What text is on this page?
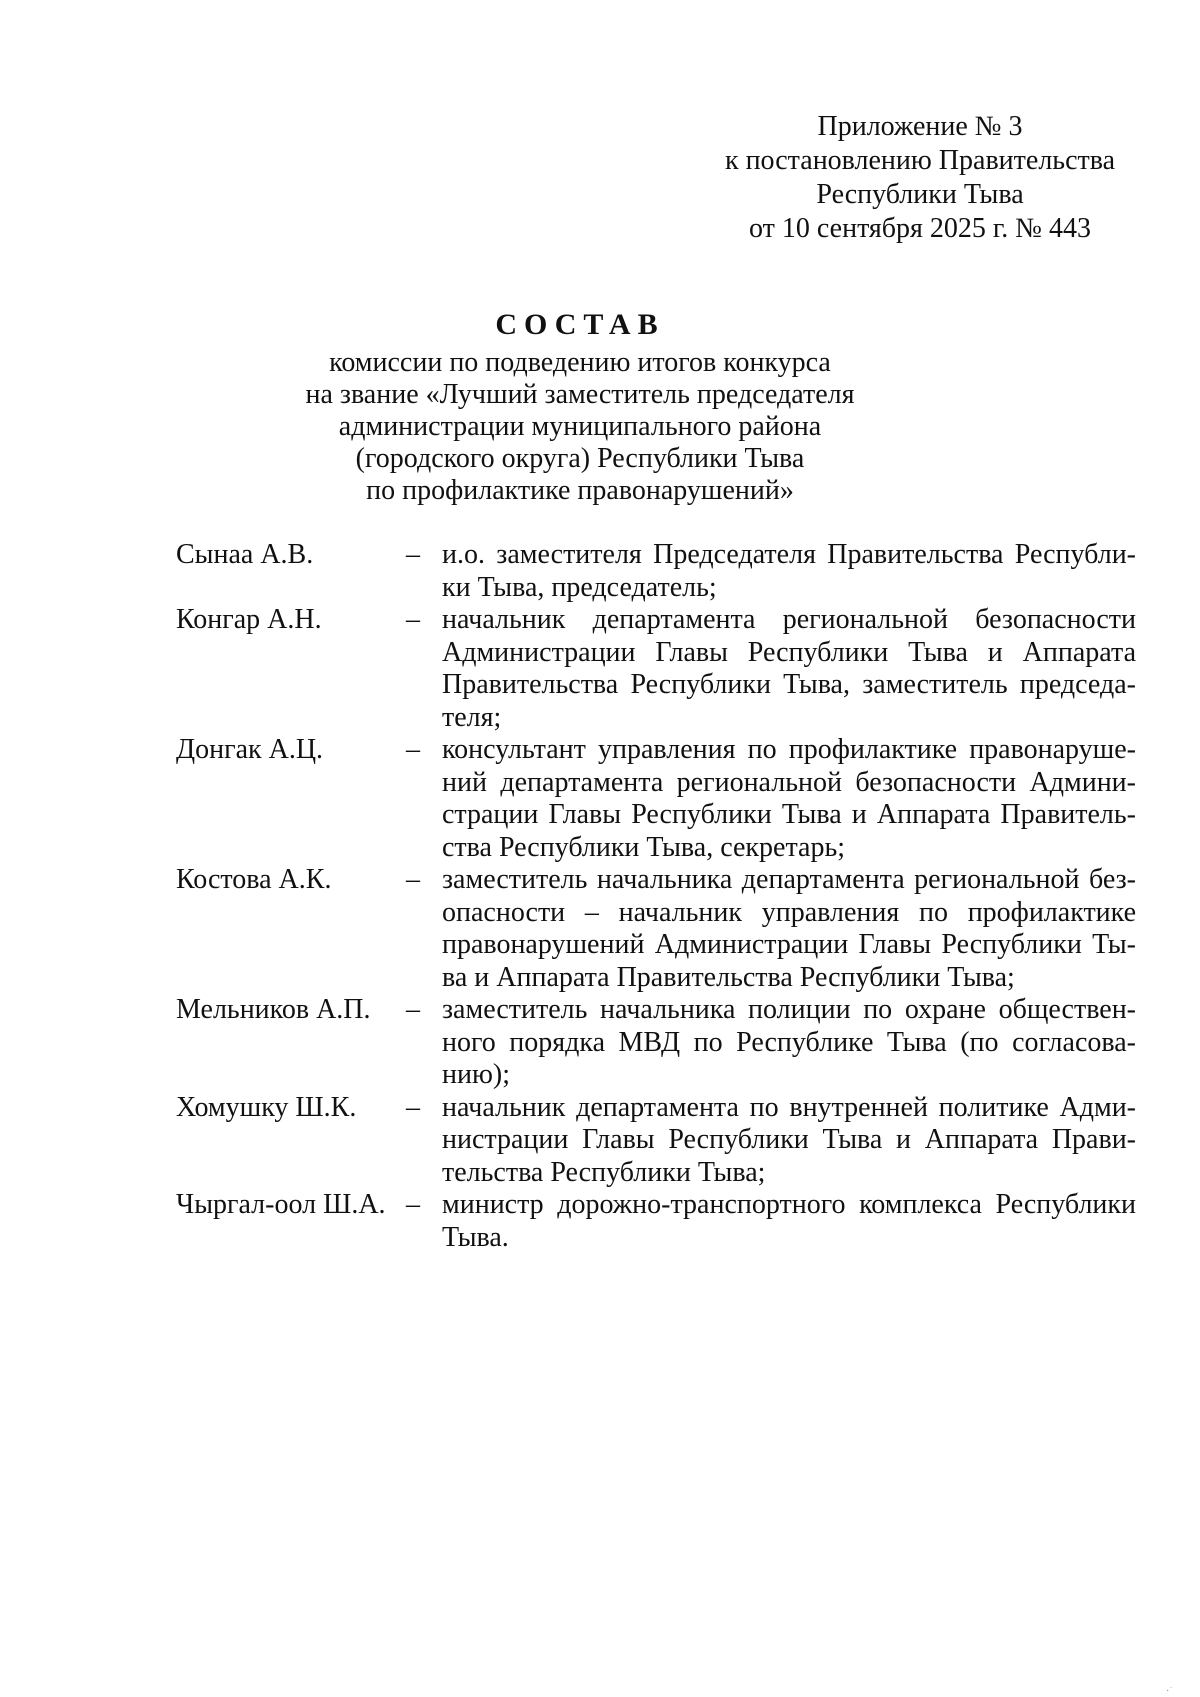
Приложение № 3
к постановлению Правительства
Республики Тыва
от 10 сентября 2025 г. № 443
СОСТАВ
комиссии по подведению итогов конкурса
на звание «Лучший заместитель председателя
администрации муниципального района
(городского округа) Республики Тыва
по профилактике правонарушений»
Сынаа А.В.	– и.о. заместителя Председателя Правительства Республи-
ки Тыва, председатель;
Конгар А.Н.	– начальник департамента региональной безопасности
Администрации Главы Республики Тыва и Аппарата
Правительства Республики Тыва, заместитель председа-
теля;
Донгак А.Ц.	– консультант управления по профилактике правонаруше-
ний департамента региональной безопасности Админи-
страции Главы Республики Тыва и Аппарата Правитель-
ства Республики Тыва, секретарь;
Костова А.К.	– заместитель начальника департамента региональной без-
опасности – начальник управления по профилактике
правонарушений Администрации Главы Республики Ты-
ва и Аппарата Правительства Республики Тыва;
Мельников А.П.	– заместитель начальника полиции по охране обществен-
ного порядка МВД по Республике Тыва (по согласова-
нию);
Хомушку Ш.К.	– начальник департамента по внутренней политике Адми-
нистрации Главы Республики Тыва и Аппарата Прави-
тельства Республики Тыва;
Чыргал-оол Ш.А. – министр дорожно-транспортного комплекса Республики
Тыва.
·͘
